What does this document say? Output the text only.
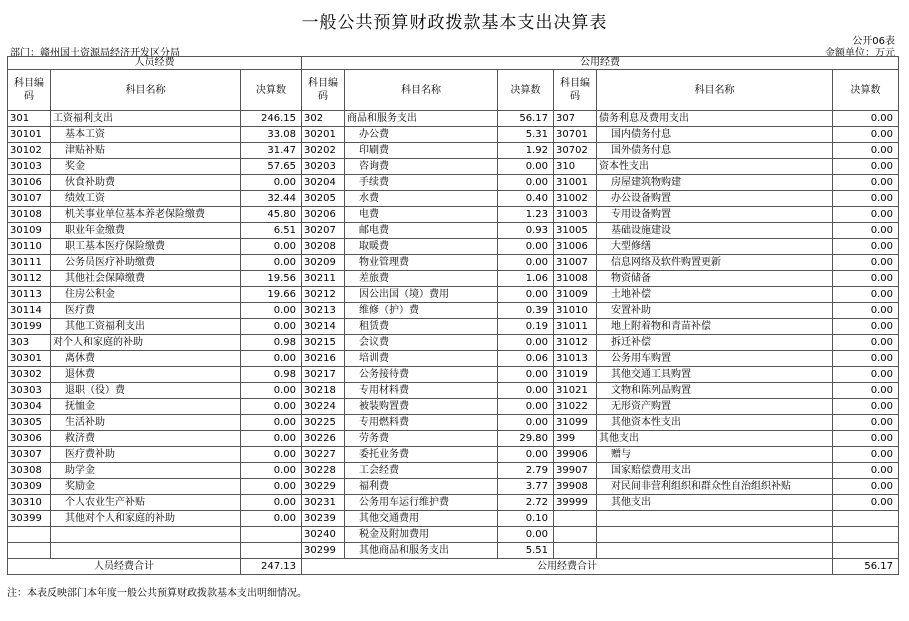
一般公共预算财政拨款基本支出决算表
公开06表
部门：赣州国土资源局经济开发区分局	金额单位：万元
人员经费			公用经费					
科目编码	科目名称	决算数	科目编码	科目名称	决算数	科目编码	科目名称	决算数
301	工资福利支出	246.15	302	商品和服务支出	56.17	307	债务利息及费用支出	0.00
30101	基本工资	33.08	30201	办公费	5.31	30701	国内债务付息	0.00
30102	津贴补贴	31.47	30202	印刷费	1.92	30702	国外债务付息	0.00
30103	奖金	57.65	30203	咨询费	0.00	310	资本性支出	0.00
30106	伙食补助费	0.00	30204	手续费	0.00	31001	房屋建筑物购建	0.00
30107	绩效工资	32.44	30205	水费	0.40	31002	办公设备购置	0.00
30108	机关事业单位基本养老保险缴费	45.80	30206	电费	1.23	31003	专用设备购置	0.00
30109	职业年金缴费	6.51	30207	邮电费	0.93	31005	基础设施建设	0.00
30110	职工基本医疗保险缴费	0.00	30208	取暖费	0.00	31006	大型修缮	0.00
30111	公务员医疗补助缴费	0.00	30209	物业管理费	0.00	31007	信息网络及软件购置更新	0.00
30112	其他社会保障缴费	19.56	30211	差旅费	1.06	31008	物资储备	0.00
30113	住房公积金	19.66	30212	因公出国（境）费用	0.00	31009	土地补偿	0.00
30114	医疗费	0.00	30213	维修（护）费	0.39	31010	安置补助	0.00
30199	其他工资福利支出	0.00	30214	租赁费	0.19	31011	地上附着物和青苗补偿	0.00
303	对个人和家庭的补助	0.98	30215	会议费	0.00	31012	拆迁补偿	0.00
30301	离休费	0.00	30216	培训费	0.06	31013	公务用车购置	0.00
30302	退休费	0.98	30217	公务接待费	0.00	31019	其他交通工具购置	0.00
30303	退职（役）费	0.00	30218	专用材料费	0.00	31021	文物和陈列品购置	0.00
30304	抚恤金	0.00	30224	被装购置费	0.00	31022	无形资产购置	0.00
30305	生活补助	0.00	30225	专用燃料费	0.00	31099	其他资本性支出	0.00
30306	救济费	0.00	30226	劳务费	29.80	399	其他支出	0.00
30307	医疗费补助	0.00	30227	委托业务费	0.00	39906	赠与	0.00
30308	助学金	0.00	30228	工会经费	2.79	39907	国家赔偿费用支出	0.00
30309	奖励金	0.00	30229	福利费	3.77	39908	对民间非营利组织和群众性自治组织补贴	0.00
30310	个人农业生产补贴	0.00	30231	公务用车运行维护费	2.72	39999	其他支出	0.00
30399	其他对个人和家庭的补助	0.00	30239	其他交通费用	0.10			
			30240	税金及附加费用	0.00			
			30299	其他商品和服务支出	5.51			
人员经费合计		247.13	公用经费合计					56.17
注：本表反映部门本年度一般公共预算财政拨款基本支出明细情况。
